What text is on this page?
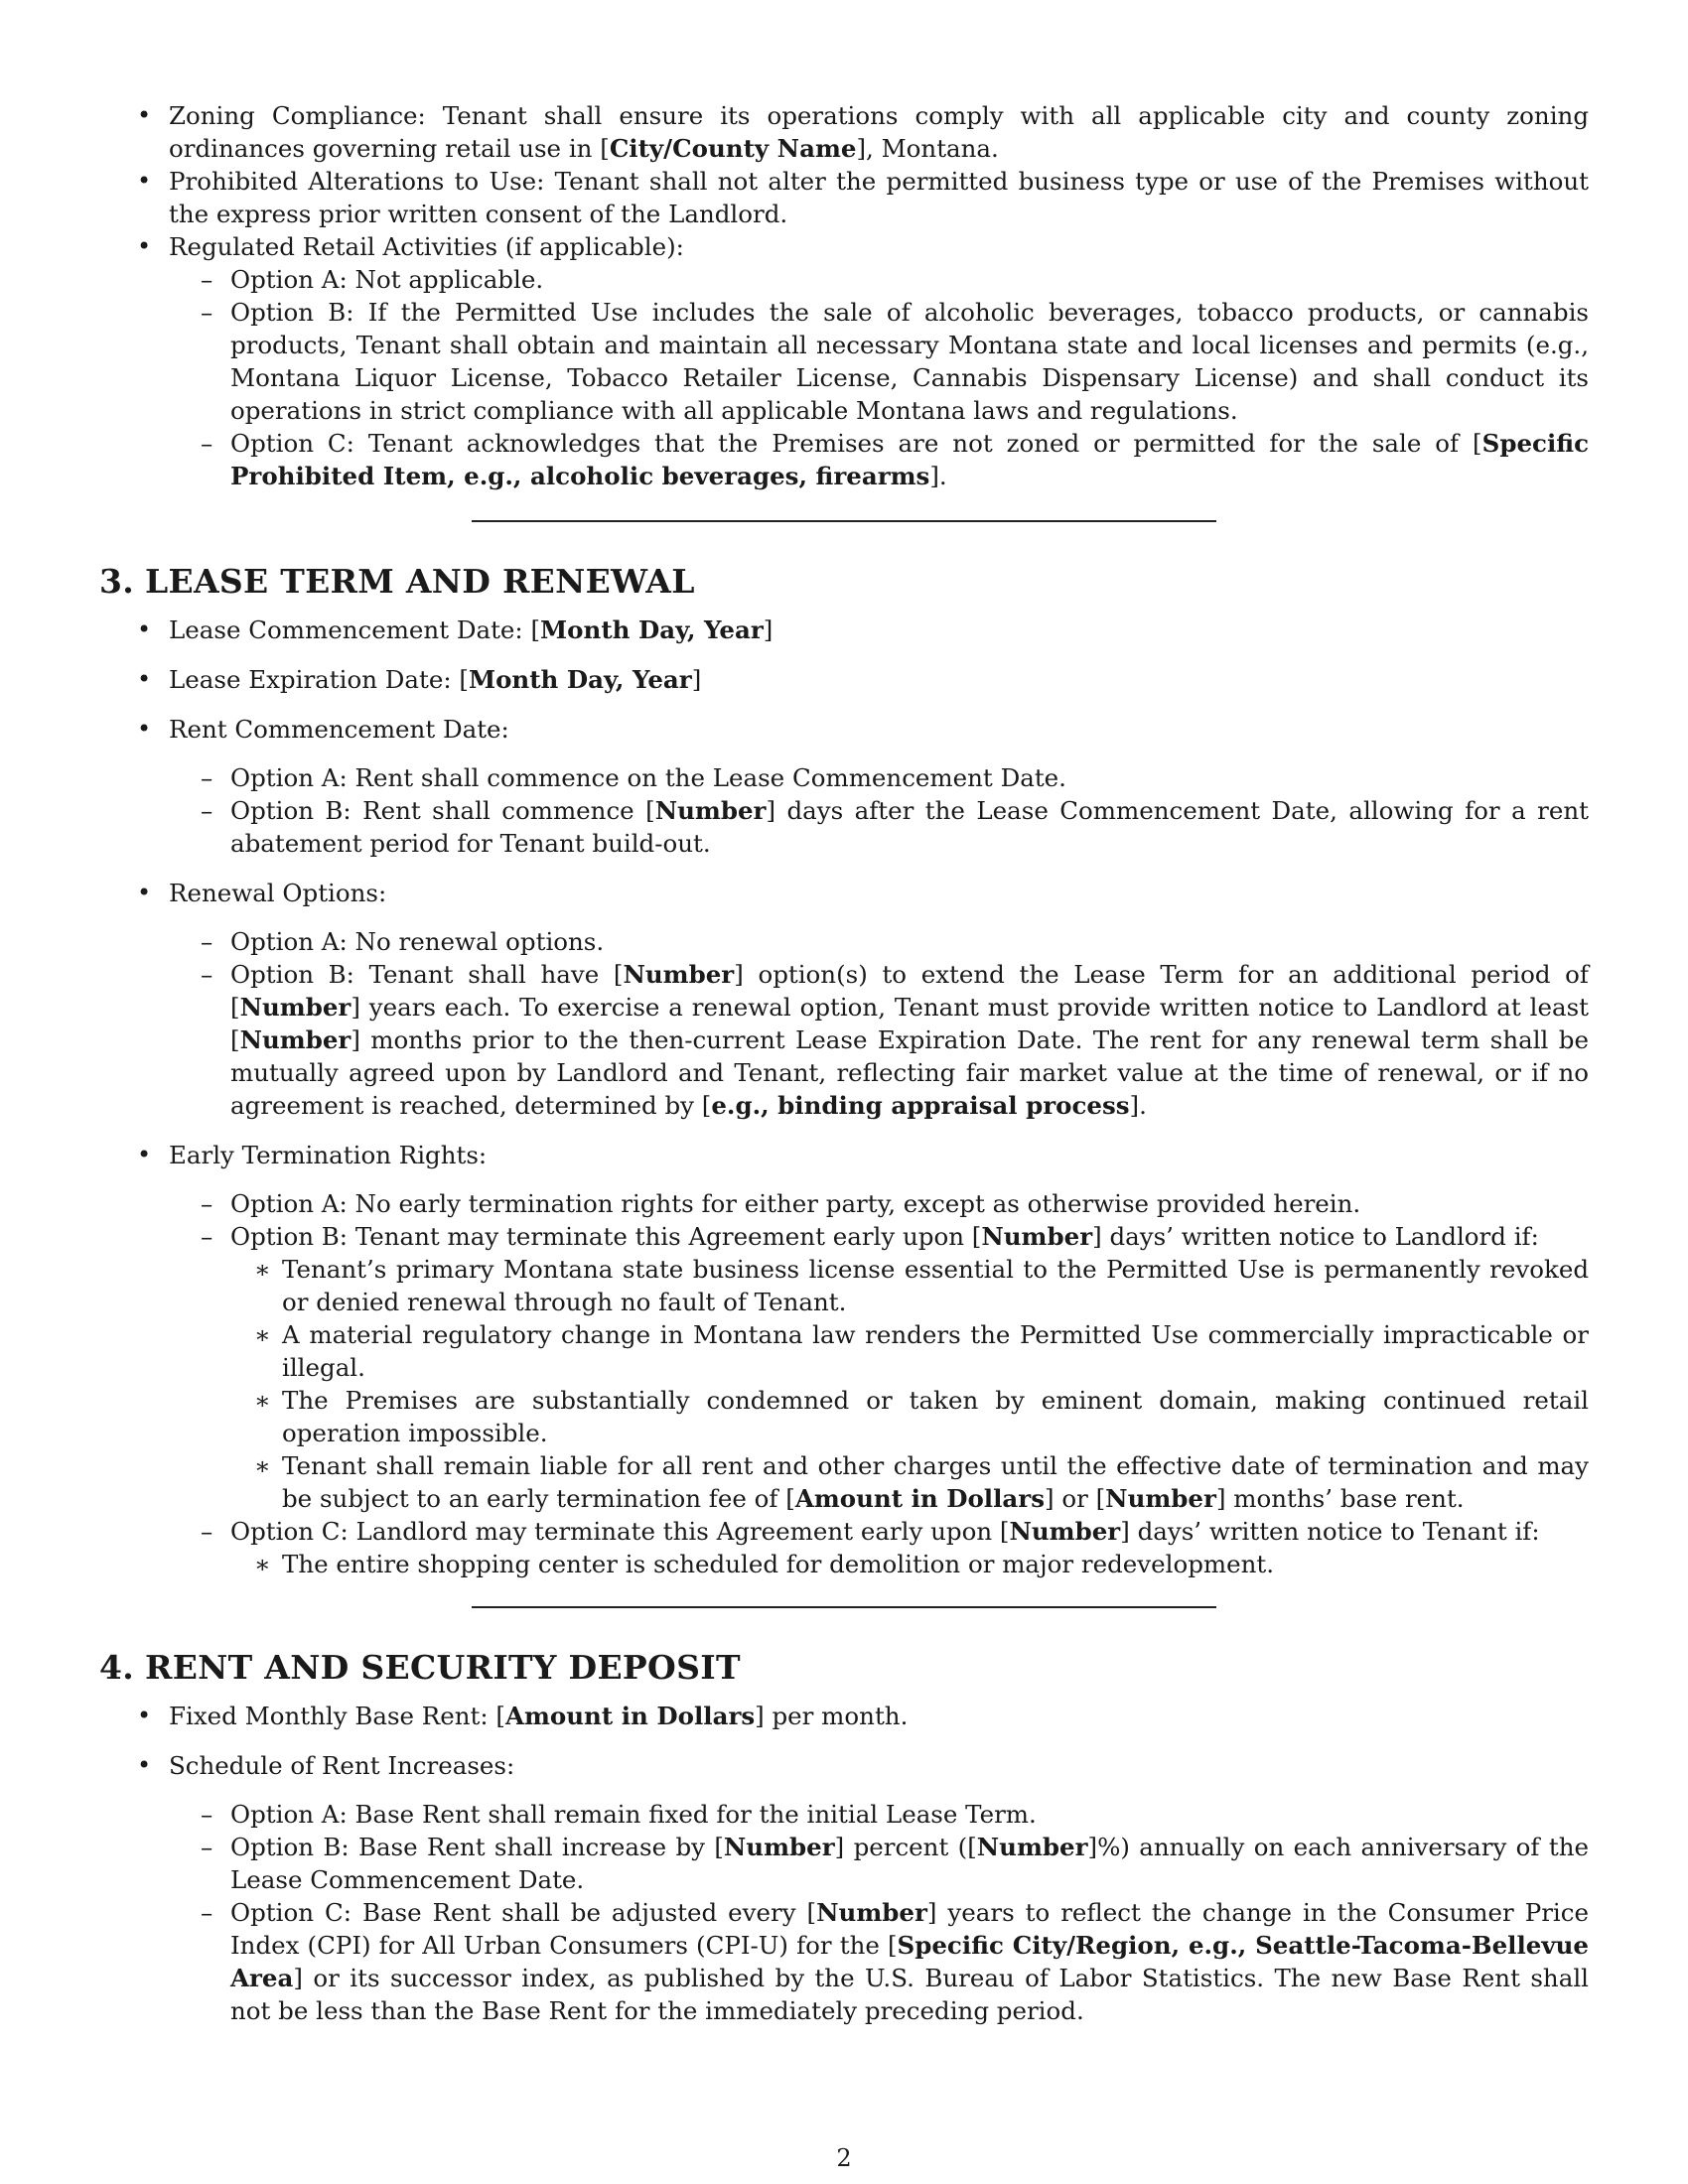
• Zoning Compliance: Tenant shall ensure its operations comply with all applicable city and county zoning ordinances governing retail use in [City/County Name], Montana.
• Prohibited Alterations to Use: Tenant shall not alter the permitted business type or use of the Premises without the express prior written consent of the Landlord.
• Regulated Retail Activities (if applicable):
– Option A: Not applicable.
– Option B: If the Permitted Use includes the sale of alcoholic beverages, tobacco products, or cannabis products, Tenant shall obtain and maintain all necessary Montana state and local licenses and permits (e.g., Montana Liquor License, Tobacco Retailer License, Cannabis Dispensary License) and shall conduct its operations in strict compliance with all applicable Montana laws and regulations.
– Option C: Tenant acknowledges that the Premises are not zoned or permitted for the sale of [Specific Prohibited Item, e.g., alcoholic beverages, firearms].
3. LEASE TERM AND RENEWAL
• Lease Commencement Date: [Month Day, Year]
• Lease Expiration Date: [Month Day, Year]
• Rent Commencement Date:
– Option A: Rent shall commence on the Lease Commencement Date.
– Option B: Rent shall commence [Number] days after the Lease Commencement Date, allowing for a rent abatement period for Tenant build-out.
• Renewal Options:
– Option A: No renewal options.
– Option B: Tenant shall have [Number] option(s) to extend the Lease Term for an additional period of [Number] years each. To exercise a renewal option, Tenant must provide written notice to Landlord at least [Number] months prior to the then-current Lease Expiration Date. The rent for any renewal term shall be mutually agreed upon by Landlord and Tenant, reflecting fair market value at the time of renewal, or if no agreement is reached, determined by [e.g., binding appraisal process].
• Early Termination Rights:
– Option A: No early termination rights for either party, except as otherwise provided herein.
– Option B: Tenant may terminate this Agreement early upon [Number] days’ written notice to Landlord if:
∗ Tenant’s primary Montana state business license essential to the Permitted Use is permanently revoked or denied renewal through no fault of Tenant.
∗ A material regulatory change in Montana law renders the Permitted Use commercially impracticable or illegal.
∗ The Premises are substantially condemned or taken by eminent domain, making continued retail operation impossible.
∗ Tenant shall remain liable for all rent and other charges until the effective date of termination and may be subject to an early termination fee of [Amount in Dollars] or [Number] months’ base rent.
– Option C: Landlord may terminate this Agreement early upon [Number] days’ written notice to Tenant if:
∗ The entire shopping center is scheduled for demolition or major redevelopment.
4. RENT AND SECURITY DEPOSIT
• Fixed Monthly Base Rent: [Amount in Dollars] per month.
• Schedule of Rent Increases:
– Option A: Base Rent shall remain fixed for the initial Lease Term.
– Option B: Base Rent shall increase by [Number] percent ([Number]%) annually on each anniversary of the Lease Commencement Date.
– Option C: Base Rent shall be adjusted every [Number] years to reflect the change in the Consumer Price Index (CPI) for All Urban Consumers (CPI-U) for the [Specific City/Region, e.g., Seattle-Tacoma-Bellevue Area] or its successor index, as published by the U.S. Bureau of Labor Statistics. The new Base Rent shall not be less than the Base Rent for the immediately preceding period.
2
